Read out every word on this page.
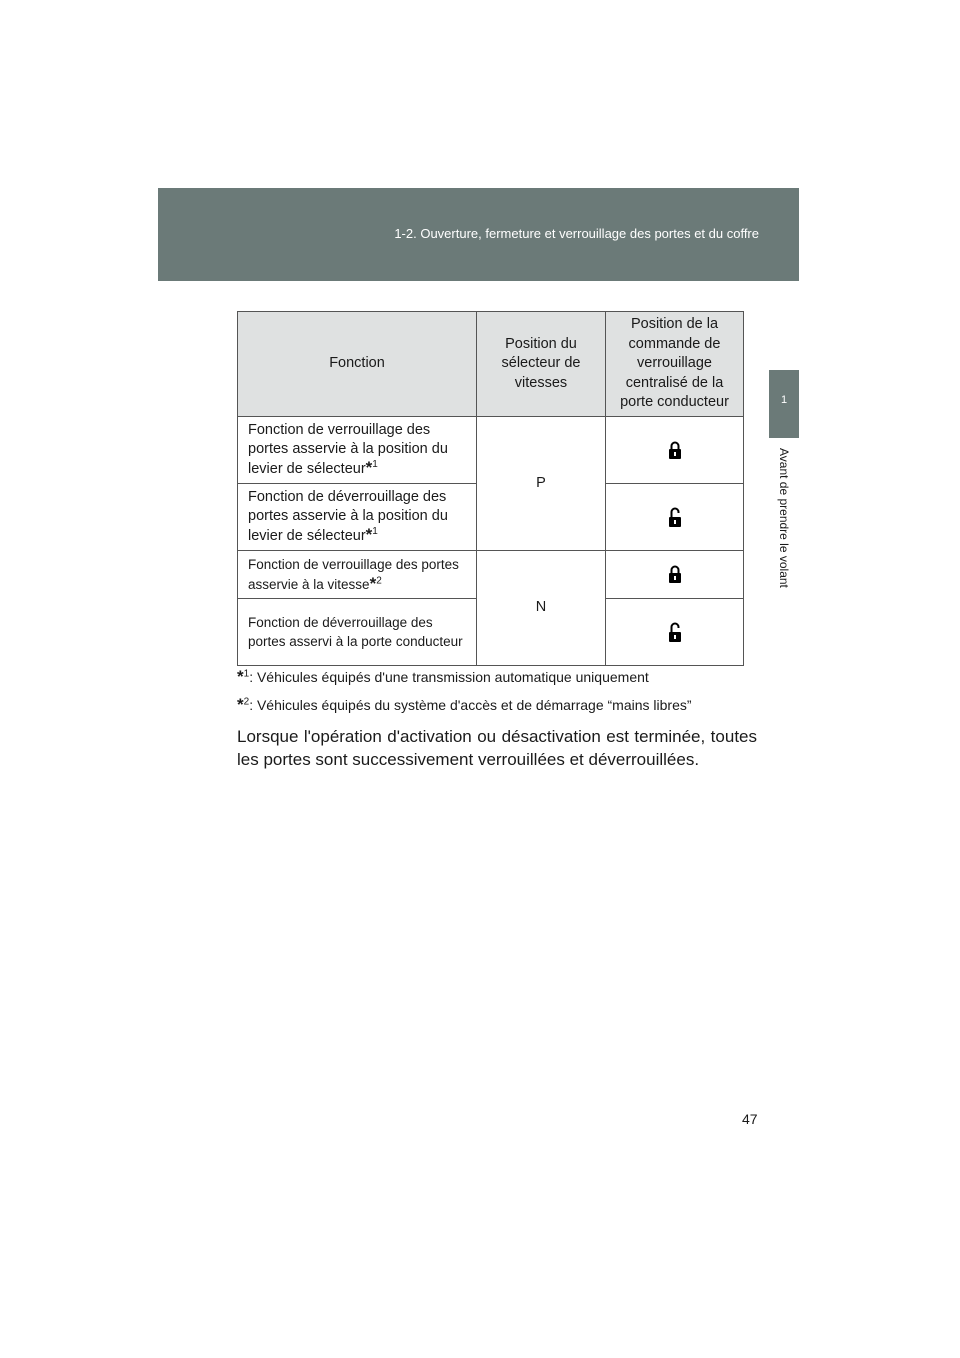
1-2. Ouverture, fermeture et verrouillage des portes et du coffre
1
Avant de prendre le volant
Fonction	Position du sélecteur de vitesses	Position de la commande de verrouillage centralisé de la porte conducteur
Fonction de verrouillage des portes asservie à la position du levier de sélecteur*$^1$	P	
Fonction de déverrouillage des portes asservie à la position du levier de sélecteur*$^1$	
Fonction de verrouillage des portes asservie à la vitesse*$^2$	N	
Fonction de déverrouillage des portes asservi à la porte conducteur	

*$^1$: Véhicules équipés d'une transmission automatique uniquement

*$^2$: Véhicules équipés du système d'accès et de démarrage “mains libres”

Lorsque l'opération d'activation ou désactivation est terminée, toutes les portes sont successivement verrouillées et déverrouillées.
47
